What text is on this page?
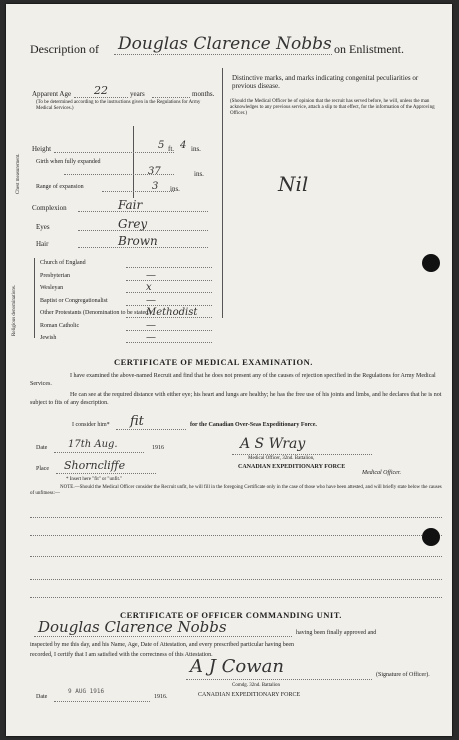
Description of Douglas Clarence Nobbs on Enlistment.
Apparent Age 22	years	months.
(To be determined according to the instructions given in the Regulations for Army Medical Services.)
Distinctive marks, and marks indicating congenital peculiarities or previous disease.
(Should the Medical Officer be of opinion that the recruit has served before, he will, unless the man acknowledges to any previous service, attach a slip to that effect, for the information of the Approving Officer.)
Nil
Height	5 ft. 4 ins.
Chest measurement.	Girth when fully expanded
37	ins.
Range of expansion	3 ins.
Complexion	Fair
Eyes	Grey
Hair	Brown
Religious denominations.
Church of England
Presbyterian	—
Wesleyan	x
Baptist or Congregationalist	—
Other Protestants (Denomination to be stated.)
Methodist
Roman Catholic	—
Jewish	—
CERTIFICATE OF MEDICAL EXAMINATION.
I have examined the above-named Recruit and find that he does not present any of the causes of rejection specified in the Regulations for Army Medical Services.
He can see at the required distance with either eye; his heart and lungs are healthy; he has the free use of his joints and limbs, and he declares that he is not subject to fits of any description.
I consider him* fit	for the Canadian Over-Seas Expeditionary Force.
Date 17th Aug.	1916	A S Wray
Medical Officer, 32nd. Battalion,
Place Shorncliffe	CANADIAN EXPEDITIONARY FORCE
Medical Officer.
* Insert here "fit" or "unfit."
NOTE.—Should the Medical Officer consider the Recruit unfit, he will fill in the foregoing Certificate only in the case of those who have been attested, and will briefly state below the causes of unfitness:—
CERTIFICATE OF OFFICER COMMANDING UNIT.
Douglas Clarence Nobbs	having been finally approved and
inspected by me this day, and his Name, Age, Date of Attestation, and every prescribed particular having been
recorded, I certify that I am satisfied with the correctness of this Attestation.
A J Cowan	(Signature of Officer).
Comdg. 32nd. Battalion
CANADIAN EXPEDITIONARY FORCE
Date
9 AUG 1916
1916.
